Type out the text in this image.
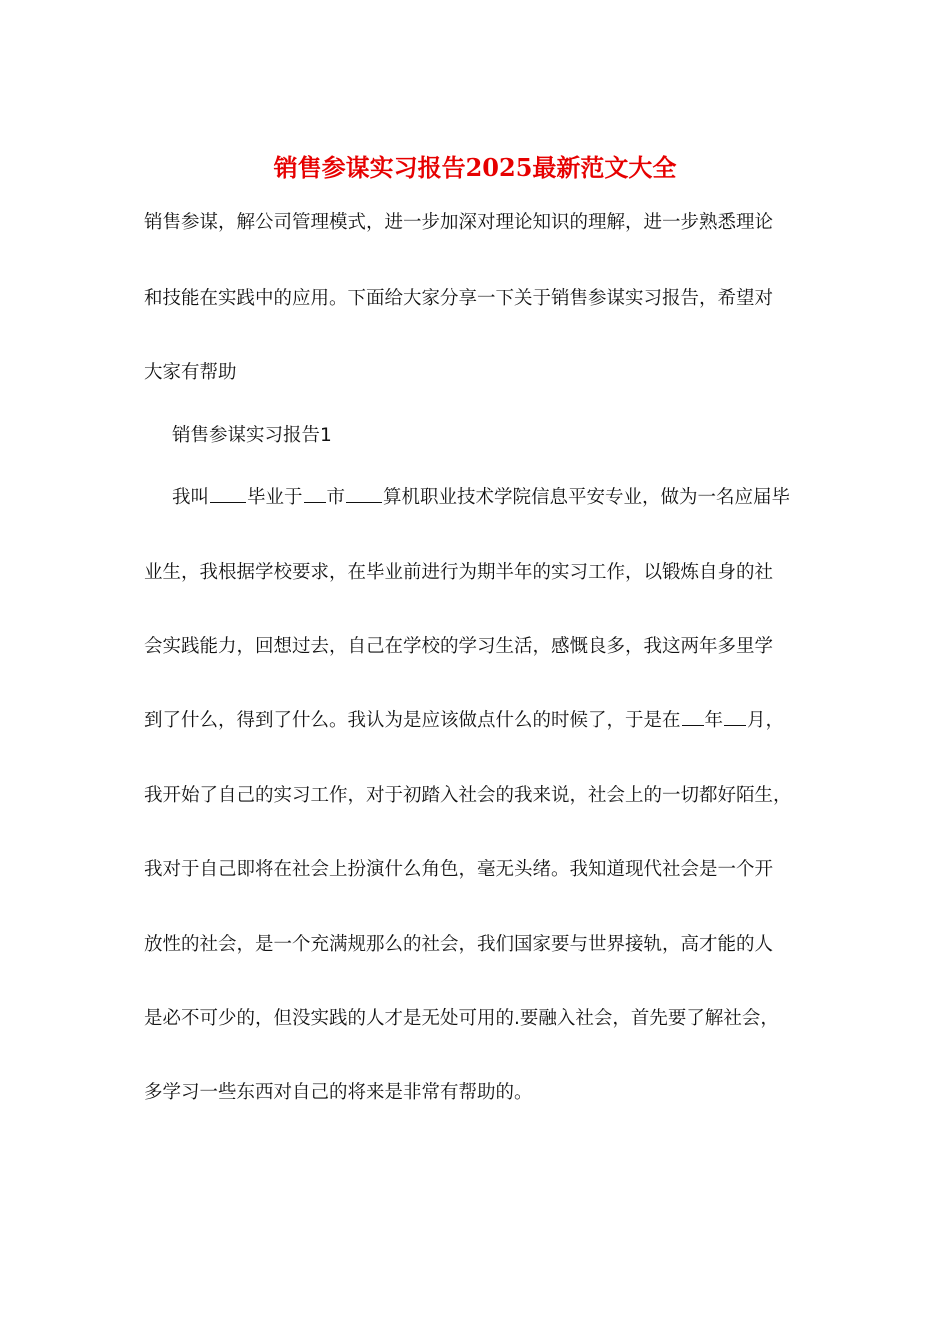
销售参谋实习报告2025最新范文大全

销售参谋，解公司管理模式，进一步加深对理论知识的理解，进一步熟悉理论

和技能在实践中的应用。下面给大家分享一下关于销售参谋实习报告，希望对

大家有帮助

销售参谋实习报告1

我叫 毕业于 市 算机职业技术学院信息平安专业，做为一名应届毕

业生，我根据学校要求，在毕业前进行为期半年的实习工作，以锻炼自身的社

会实践能力，回想过去，自己在学校的学习生活，感慨良多，我这两年多里学

到了什么，得到了什么。我认为是应该做点什么的时候了，于是在 年 月，

我开始了自己的实习工作，对于初踏入社会的我来说，社会上的一切都好陌生，

我对于自己即将在社会上扮演什么角色，毫无头绪。我知道现代社会是一个开

放性的社会，是一个充满规那么的社会，我们国家要与世界接轨，高才能的人

是必不可少的，但没实践的人才是无处可用的.要融入社会，首先要了解社会，

多学习一些东西对自己的将来是非常有帮助的。
